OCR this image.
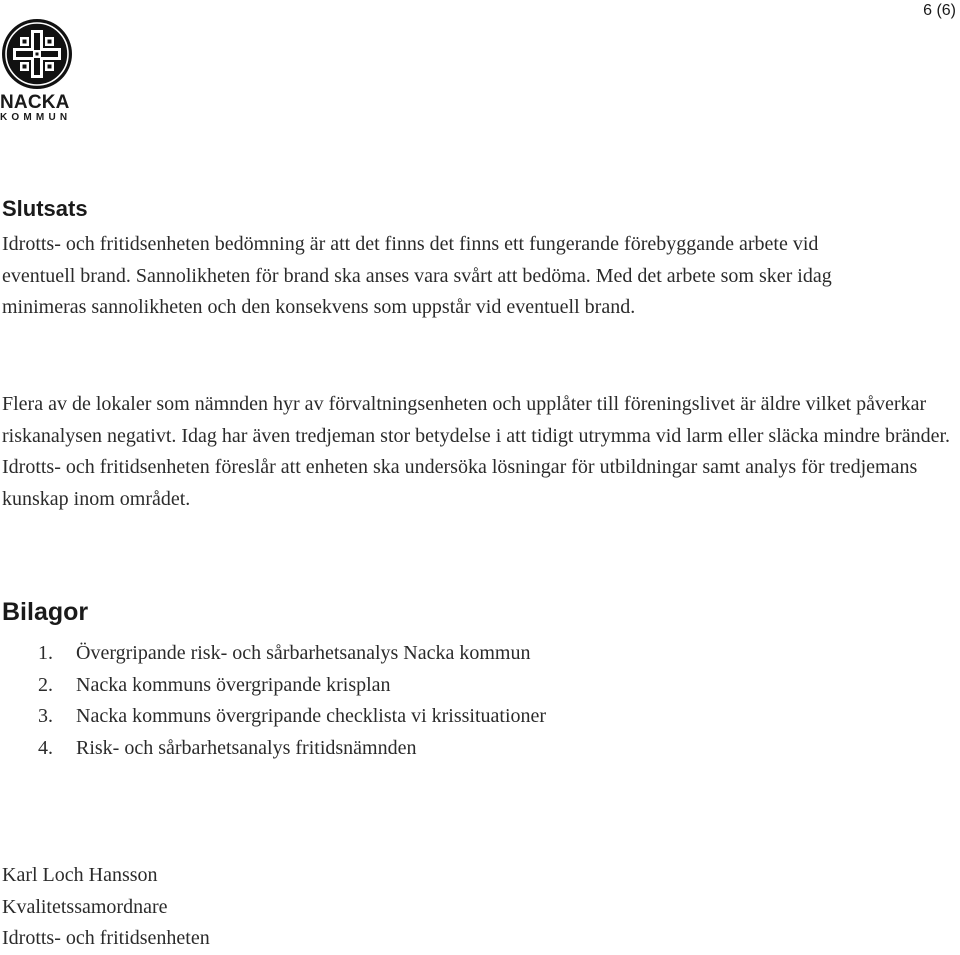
6 (6)
NACKA
KOMMUN
Slutsats

Idrotts- och fritidsenheten bedömning är att det finns det finns ett fungerande förebyggande arbete vid eventuell brand. Sannolikheten för brand ska anses vara svårt att bedöma. Med det arbete som sker idag minimeras sannolikheten och den konsekvens som uppstår vid eventuell brand.

Flera av de lokaler som nämnden hyr av förvaltningsenheten och upplåter till föreningslivet är äldre vilket påverkar riskanalysen negativt. Idag har även tredjeman stor betydelse i att tidigt utrymma vid larm eller släcka mindre bränder. Idrotts- och fritidsenheten föreslår att enheten ska undersöka lösningar för utbildningar samt analys för tredjemans kunskap inom området.

Bilagor
1.	Övergripande risk- och sårbarhetsanalys Nacka kommun
2.	Nacka kommuns övergripande krisplan
3.	Nacka kommuns övergripande checklista vi krissituationer
4.	Risk- och sårbarhetsanalys fritidsnämnden
Karl Loch Hansson
Kvalitetssamordnare
Idrotts- och fritidsenheten
